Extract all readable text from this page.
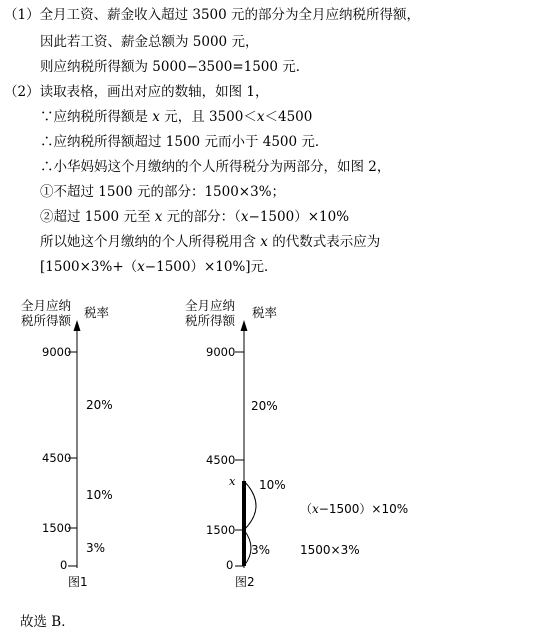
（1）全月工资、薪金收入超过 3500 元的部分为全月应纳税所得额，
因此若工资、薪金总额为 5000 元，
则应纳税所得额为 5000−3500=1500 元．
（2）读取表格，画出对应的数轴，如图 1，
∵应纳税所得额是 x 元，且 3500＜x＜4500
∴应纳税所得额超过 1500 元而小于 4500 元．
∴小华妈妈这个月缴纳的个人所得税分为两部分，如图 2，
①不超过 1500 元的部分：1500×3%；
②超过 1500 元至 x 元的部分：（x−1500）×10%
所以她这个月缴纳的个人所得税用含 x 的代数式表示应为
[1500×3%+（x−1500）×10%]元．
全月应纳
税所得额
税率
9000
4500
1500
0
20%
10%
3%
图1
全月应纳
税所得额
税率
9000
4500
1500
0
x
20%
10%
3%
（x−1500）×10%
1500×3%
图2
故选 B．
